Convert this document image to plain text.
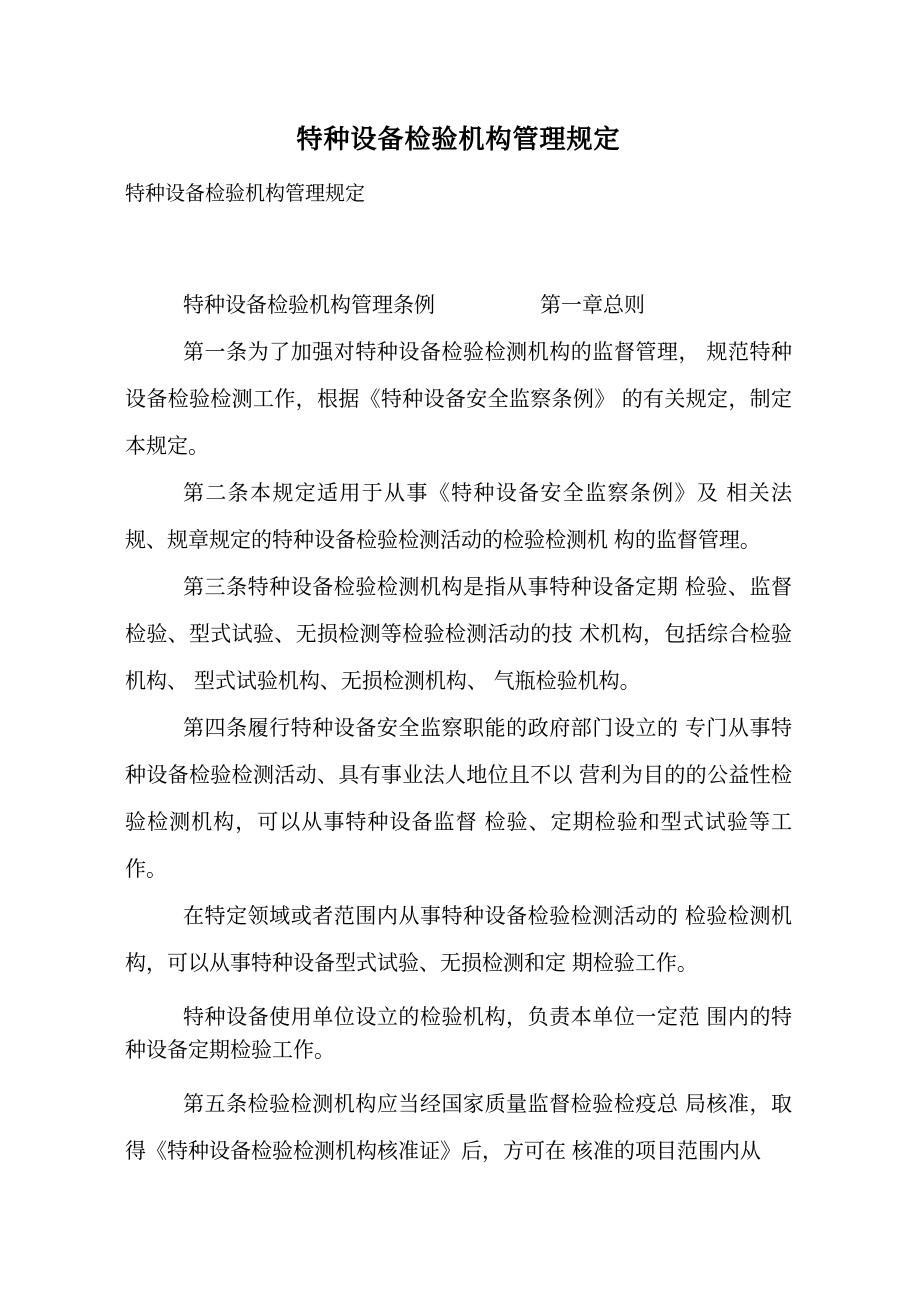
特种设备检验机构管理规定

特种设备检验机构管理规定

特种设备检验机构管理条例　　　　　第一章总则

第一条为了加强对特种设备检验检测机构的监督管理， 规范特种设备检验检测工作，根据《特种设备安全监察条例》 的有关规定，制定本规定。

第二条本规定适用于从事《特种设备安全监察条例》及 相关法规、规章规定的特种设备检验检测活动的检验检测机 构的监督管理。

第三条特种设备检验检测机构是指从事特种设备定期 检验、监督检验、型式试验、无损检测等检验检测活动的技 术机构，包括综合检验机构、 型式试验机构、无损检测机构、 气瓶检验机构。

第四条履行特种设备安全监察职能的政府部门设立的 专门从事特种设备检验检测活动、具有事业法人地位且不以 营利为目的的公益性检验检测机构，可以从事特种设备监督 检验、定期检验和型式试验等工作。

在特定领域或者范围内从事特种设备检验检测活动的 检验检测机构，可以从事特种设备型式试验、无损检测和定 期检验工作。

特种设备使用单位设立的检验机构，负责本单位一定范 围内的特种设备定期检验工作。

第五条检验检测机构应当经国家质量监督检验检疫总 局核准，取得《特种设备检验检测机构核准证》后，方可在 核准的项目范围内从
